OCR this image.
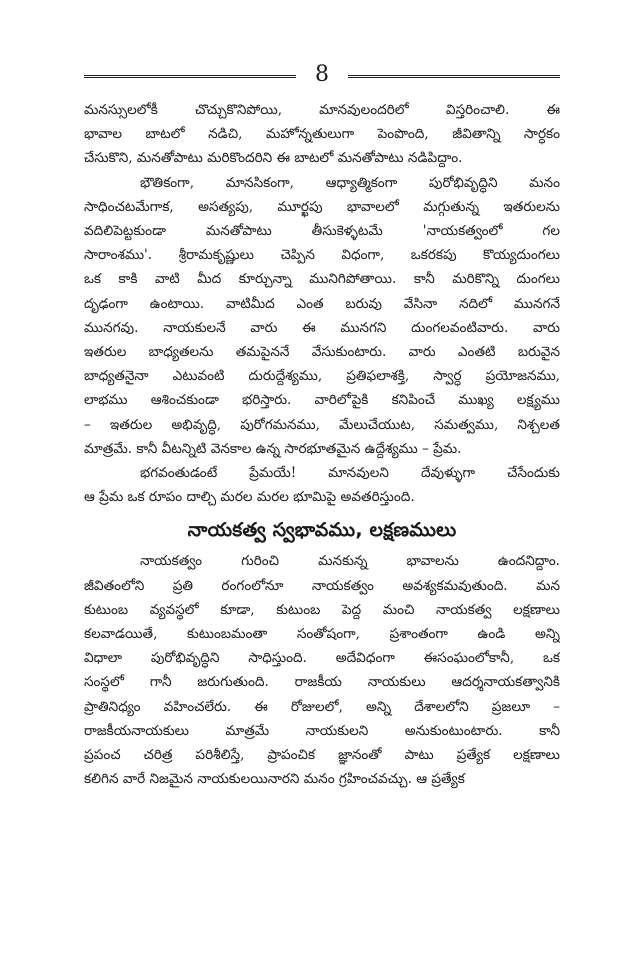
8

మనస్సులలోకీ చొచ్చుకొనిపోయి, మానవులందరిలో విస్తరించాలి. ఈ
భావాల బాటలో నడిచి, మహోన్నతులుగా పెంపొంది, జీవితాన్ని సార్ధకం
చేసుకొని, మనతోపాటు మరికొందరిని ఈ బాటలో మనతోపాటు నడిపిద్దాం.

భౌతికంగా, మానసికంగా, ఆధ్యాత్మికంగా పురోభివృద్ధిని మనం
సాధించటమేగాక, అసత్యపు, మూర్ఖపు భావాలలో మగ్గుతున్న ఇతరులను
వదిలిపెట్టకుండా మనతోపాటు తీసుకెళ్ళటమే 'నాయకత్వంలో గల
సారాంశము'. శ్రీరామకృష్ణులు చెప్పిన విధంగా, ఒకరకపు కొయ్యదుంగలు
ఒక కాకి వాటి మీద కూర్చున్నా మునిగిపోతాయి. కానీ మరికొన్ని దుంగలు
దృఢంగా ఉంటాయి. వాటిమీద ఎంత బరువు వేసినా నదిలో మునగనే
మునగవు. నాయకులనే వారు ఈ మునగని దుంగలవంటివారు. వారు
ఇతరుల బాధ్యతలను తమపైననే వేసుకుంటారు. వారు ఎంతటి బరువైన
బాధ్యతనైనా ఎటువంటి దురుద్దేశ్యము, ప్రతిఫలాశక్తి, స్వార్ధ ప్రయోజనము,
లాభము ఆశించకుండా భరిస్తారు. వారిలోపైకి కనిపించే ముఖ్య లక్ష్యము
– ఇతరుల అభివృద్ధి, పురోగమనము, మేలుచేయుట, సమత్వము, నిశ్చలత
మాత్రమే. కానీ వీటన్నిటి వెనకాల ఉన్న సారభూతమైన ఉద్దేశ్యము – ప్రేమ.

భగవంతుడంటే ప్రేమయే! మానవులని దేవుళ్ళుగా చేసేందుకు
ఆ ప్రేమ ఒక రూపం దాల్చి మరల మరల భూమిపై అవతరిస్తుంది.

నాయకత్వ స్వభావము, లక్షణములు

నాయకత్వం గురించి మనకున్న భావాలను ఉందనిద్దాం.
జీవితంలోని ప్రతి రంగంలోనూ నాయకత్వం అవశ్యకమవుతుంది. మన
కుటుంబ వ్యవస్థలో కూడా, కుటుంబ పెద్ద మంచి నాయకత్వ లక్షణాలు
కలవాడయితే, కుటుంబమంతా సంతోషంగా, ప్రశాంతంగా ఉండి అన్ని
విధాలా పురోభివృద్ధిని సాధిస్తుంది. అదేవిధంగా ఈసంఘంలోకానీ, ఒక
సంస్థలో గానీ జరుగుతుంది. రాజకీయ నాయకులు ఆదర్శనాయకత్వానికి
ప్రాతినిధ్యం వహించలేరు. ఈ రోజులలో, అన్ని దేశాలలోని ప్రజలూ –
రాజకీయనాయకులు మాత్రమే నాయకులని అనుకుంటుంటారు. కానీ
ప్రపంచ చరిత్ర పరిశీలిస్తే, ప్రాపంచిక జ్ఞానంతో పాటు ప్రత్యేక లక్షణాలు
కలిగిన వారే నిజమైన నాయకులయినారని మనం గ్రహించవచ్చు. ఆ ప్రత్యేక
